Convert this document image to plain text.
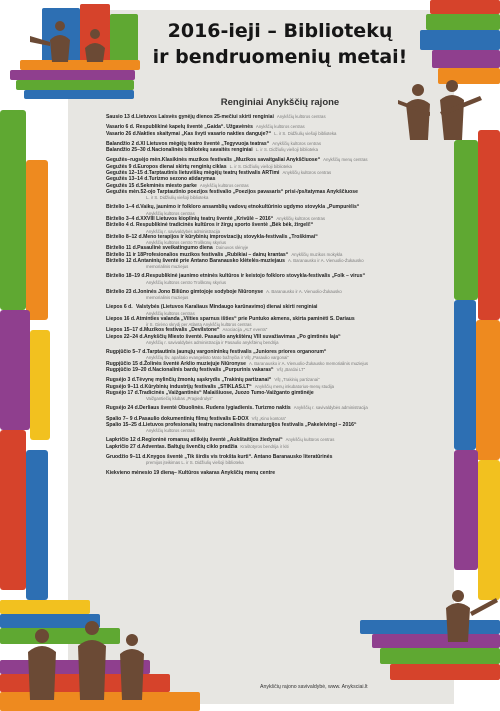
2016-ieji – Bibliotekų
ir bendruomenių metai!
Renginiai Anykščių rajone
Sausio 13 d.Lietuvos Laisvės gynėjų dienos 25-mečiui skirti renginiai Anykščių kultūros centras
Vasario 6 d. Respublikinė kapelų šventė „Gaida“. Užgavėnės Anykščių kultūros centras
Vasario 26 d.Nakties skaitymai „Kas švyti vasario nakties danguje?“ L. ir S. Didžiulių viešoji biblioteka
Balandžio 2 d.XI Lietuvos mėgėjų teatro šventė „Tegyvuoja teatras“ Anykščių kultūros centras
Balandžio 25–30 d.Nacionalinės bibliotekų savaitės renginiai L. ir S. Didžiulių viešoji biblioteka
Gegužės–rugsėjo mėn.Klasikinės muzikos festivalis „Muzikos savaitgaliai Anykščiuose“ Anykščių menų centras
Gegužės 9 d.Europos dienai skirtų renginių ciklas L. ir S. Didžiulių viešoji biblioteka
Gegužės 12–15 d.Tarptautinis lietuviškų mėgėjų teatrų festivalis ARTimi Anykščių kultūros centras
Gegužės 13–14 d.Turizmo sezono atidarymas
Gegužės 15 d.Sekminės miesto parke Anykščių kultūros centras
Gegužės mėn.52-ojo Tarptautinio poezijos festivalio „Poezijos pavasaris“ prisi-/ps/tatymas Anykščiuose
L. ir S. Didžiulių viešoji biblioteka
Birželio 1–4 d.Vaikų, jaunimo ir folkloro ansamblių vadovų etnokultūrinio ugdymo stovykla „Pumpurėlis“
Anykščių kultūros centras
Birželio 3–4 d.XXVIII Lietuvos kioplinių teatrų šventė „Krivūlė – 2016“ Anykščių kultūros centras
Birželio 4 d.Respublikinė tradicinės kultūros ir žirgų sporto šventė „Bėk bėk, žirgeli!“
Anykščių r. savivaldybės administracija
Birželio 8–12 d.Meno terapijos ir kūrybinių improvizacijų stovykla-festivalis „Troškimai“
Anykščių kultūros centro Troškūnų skyrius
Birželio 11 d.Pasaulinė sveikatingumo diena Dainuvos slėnyje
Birželio 11 ir 18Profesionalios muzikos festivalis „Rubikiai – dainų krantas“ Anykščių muzikos mokykla
Birželio 12 d.Antaninių šventė prie Antano Baranausko klėtelės-muziejaus A. Baranausko ir A. Vienuolio-Žukausko
memorialinis muziejus
Birželio 18–19 d.Respublikinė jaunimo etninės kultūros ir keistojo folkloro stovykla-festivalis „Folk – virus“
Anykščių kultūros centro Troškūnų skyrius
Birželio 23 d.Joninės Jono Biliūno gimtojoje sodyboje Niūronyse A. Baranausko ir A. Vienuolio-Žukausko
memorialinis muziejus
Liepos 6 d. Valstybės (Lietuvos Karaliaus Mindaugo karūnavimo) dienai skirti renginiai
Anykščių kultūros centras
Liepos 16 d.Atminties valanda „Vilties sparnus išties“ prie Puntuko akmens, skirta paminėti S. Dariaus
ir S. Girėno skrydį per Atlantą Anykščių kultūros centras
Liepos 15–17 d.Muzikos festivalis „Devilstone“ Asociacija „ALT events“
Liepos 22–24 d.Anykščių Miesto šventė. Pasaulio anykštėnų VIII suvažiavimas „Po gimtinės laja“
Anykščių r. savivaldybės administracija ir Pasaulio anykštėnų bendrija
Rugpjūčio 5–7 d.Tarptautinis jaunųjų vargonininkų festivalis „Juniores priores organorum“
Anykščių Šv. apaštalo evangelisto Mato bažnyčia ir VšĮ „Pasaulio vargonai“
Rugpjūčio 15 d.Žolinės šventė Arklio muziejuje Niūronyse A. Baranausko ir A. Vienuolio-Žukausko memorialinis muziejus
Rugpjūčio 19–20 d.Nacionalinis bardų festivalis „Purpurinis vakaras“ VšĮ „Bardai LT“
Rugsėjo 3 d.Tėvynę mylinčių žmonių sąskrydis „Trakinių partizanai“ VšĮ „Trakinių partizanai“
Rugsėjo 9–11 d.Kūrybinių industrijų festivalis „STIKLAS.LT“ Anykščių menų inkubatorius-menų studija
Rugsėjo 17 d.Tradicinės „Vaižgantinės“ Malaišiuose, Juozo Tumo-Vaižganto gimtinėje
Vaižgantiečių klubas „Pragiedrulys“
Rugsėjo 24 d.Derliaus šventė Obuolinės. Rudens lygiadienis. Turizmo naktis Anykščių r. savivaldybės administracija
Spalio 7– 9 d.Pasaulio dokumentinių filmų festivalis E-DOX VšĮ „Kino kontora“
Spalio 15–25 d.Lietuvos profesionalių teatrų nacionalinės dramaturgijos festivalis „Pakeleivingi – 2016“
Anykščių kultūros centras
Lapkričio 12 d.Regioninė romansų atlikėjų šventė „Aukštaitijos žiedynai“ Anykščių kultūros centras
Lapkričio 27 d.Adventas. Baltųjų švenčių ciklo pradžia Kraštotyros bendrija ir kiti
Gruodžio 9–11 d.Knygos šventė „Tik širdis vis trokšta kurti“. Antano Baranausko literatūrinės
premijos įteikimas L. ir S. Didžiulių viešoji biblioteka
Kiekvieno mėnesio 19 dieną– Kultūros vakaras Anykščių menų centre
Anykščių rajono savivaldybė, www. Anyksciai.lt
